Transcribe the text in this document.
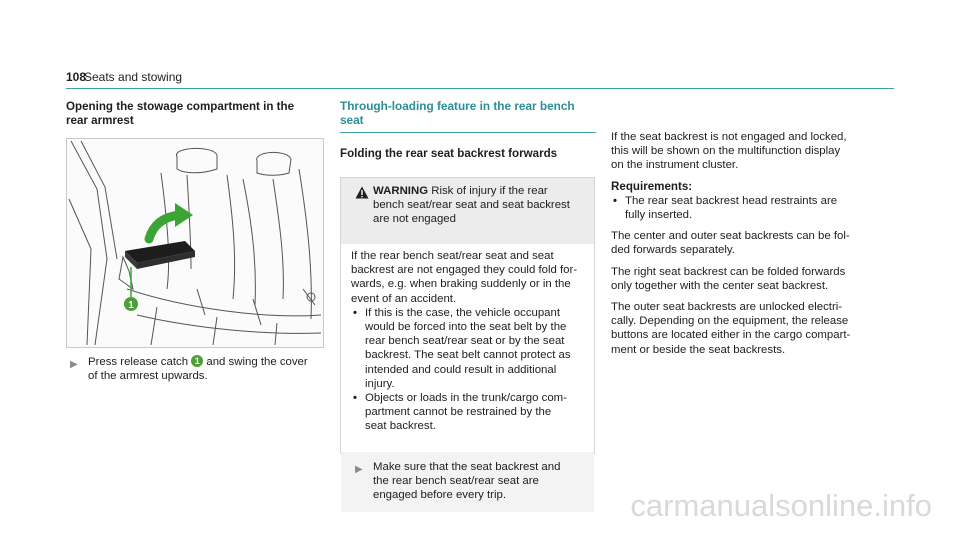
108
Seats and stowing
Opening the stowage compartment in the
rear armrest
1
▶ Press release catch 1 and swing the cover
of the armrest upwards.
Through-loading feature in the rear bench
seat
Folding the rear seat backrest forwards
WARNING Risk of injury if the rear
bench seat/rear seat and seat backrest
are not engaged
If the rear bench seat/rear seat and seat
backrest are not engaged they could fold for-
wards, e.g. when braking suddenly or in the
event of an accident.
• If this is the case, the vehicle occupant
would be forced into the seat belt by the
rear bench seat/rear seat or by the seat
backrest. The seat belt cannot protect as
intended and could result in additional
injury.
• Objects or loads in the trunk/cargo com-
partment cannot be restrained by the
seat backrest.
▶ Make sure that the seat backrest and
the rear bench seat/rear seat are
engaged before every trip.
If the seat backrest is not engaged and locked,
this will be shown on the multifunction display
on the instrument cluster.
Requirements:
• The rear seat backrest head restraints are
fully inserted.
The center and outer seat backrests can be fol-
ded forwards separately.
The right seat backrest can be folded forwards
only together with the center seat backrest.
The outer seat backrests are unlocked electri-
cally. Depending on the equipment, the release
buttons are located either in the cargo compart-
ment or beside the seat backrests.
carmanualsonline.info
